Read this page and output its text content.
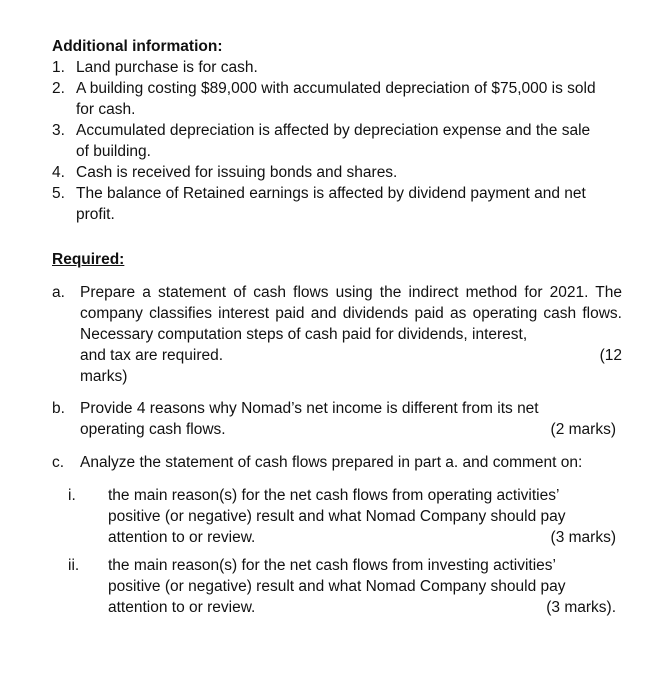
Additional information:
1. Land purchase is for cash.
2. A building costing $89,000 with accumulated depreciation of $75,000 is sold
for cash.
3. Accumulated depreciation is affected by depreciation expense and the sale
of building.
4. Cash is received for issuing bonds and shares.
5. The balance of Retained earnings is affected by dividend payment and net
profit.
Required:
a. Prepare a statement of cash flows using the indirect method for 2021. The company classifies interest paid and dividends paid as operating cash flows. Necessary computation steps of cash paid for dividends, interest,
and tax are required.	(12
marks)
b. Provide 4 reasons why Nomad’s net income is different from its net
operating cash flows.	(2 marks)
c. Analyze the statement of cash flows prepared in part a. and comment on:
i. the main reason(s) for the net cash flows from operating activities’
positive (or negative) result and what Nomad Company should pay
attention to or review.	(3 marks)
ii. the main reason(s) for the net cash flows from investing activities’
positive (or negative) result and what Nomad Company should pay
attention to or review.	(3 marks).
